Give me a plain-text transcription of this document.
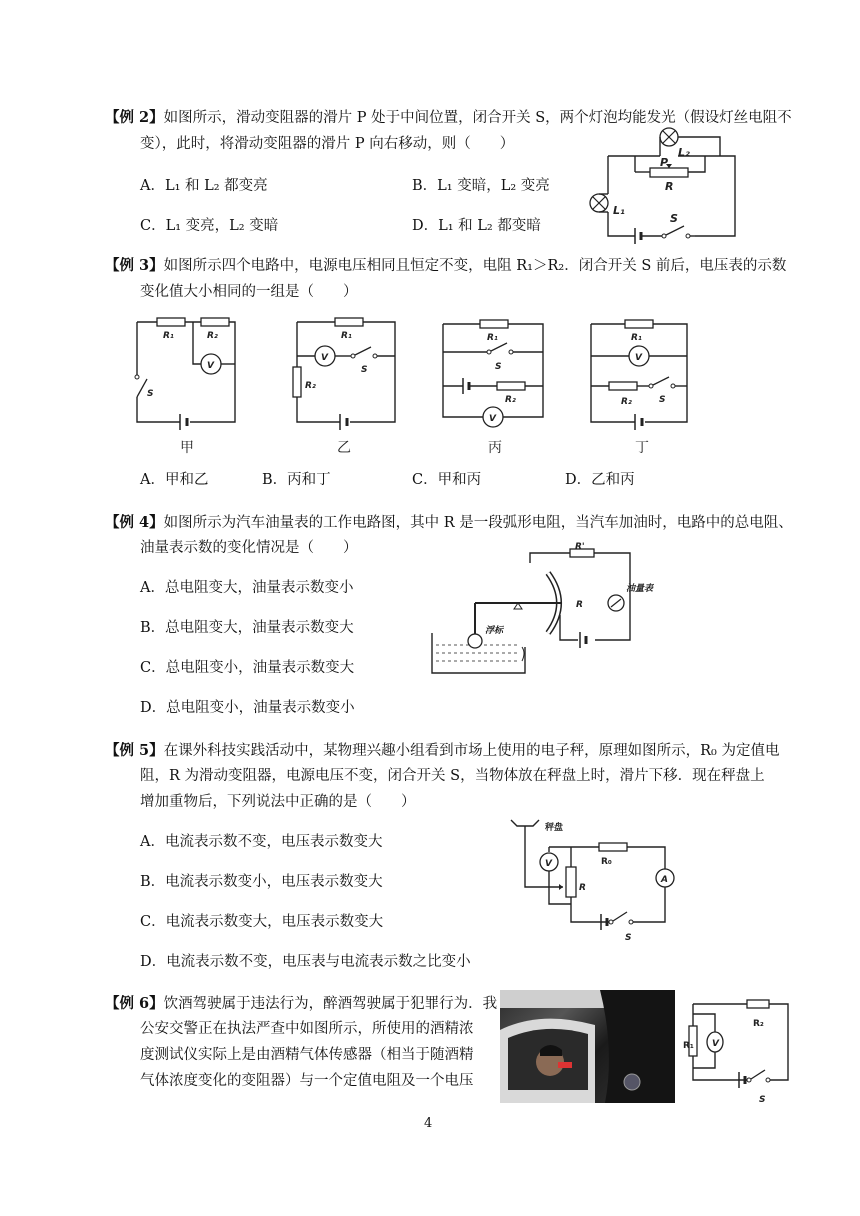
【例 2】如图所示，滑动变阻器的滑片 P 处于中间位置，闭合开关 S，两个灯泡均能发光（假设灯丝电阻不
变），此时，将滑动变阻器的滑片 P 向右移动，则（　　）
A．L₁ 和 L₂ 都变亮	B．L₁ 变暗，L₂ 变亮
C．L₁ 变亮，L₂ 变暗	D．L₁ 和 L₂ 都变暗
L₂
P
R
L₁
S
【例 3】如图所示四个电路中，电源电压相同且恒定不变，电阻 R₁＞R₂．闭合开关 S 前后，电压表的示数
变化值大小相同的一组是（　　）
R₁	R₂
V
S
甲
R₁
R₂
V
S
乙
R₁
S
R₂
V
丙
R₁
V
R₂	S
丁
A．甲和乙	B．丙和丁	C．甲和丙	D．乙和丙
【例 4】如图所示为汽车油量表的工作电路图，其中 R 是一段弧形电阻，当汽车加油时，电路中的总电阻、
油量表示数的变化情况是（　　）
A．总电阻变大，油量表示数变小
B．总电阻变大，油量表示数变大
C．总电阻变小，油量表示数变大
D．总电阻变小，油量表示数变小
R'
R
油量表
浮标
【例 5】在课外科技实践活动中，某物理兴趣小组看到市场上使用的电子秤，原理如图所示，R₀ 为定值电
阻，R 为滑动变阻器，电源电压不变，闭合开关 S，当物体放在秤盘上时，滑片下移．现在秤盘上
增加重物后，下列说法中正确的是（　　）
A．电流表示数不变，电压表示数变大
B．电流表示数变小，电压表示数变大
C．电流表示数变大，电压表示数变大
D．电流表示数不变，电压表与电流表示数之比变小
秤盘
R
R₀
V
A
S
【例 6】饮酒驾驶属于违法行为，醉酒驾驶属于犯罪行为．我
公安交警正在执法严查中如图所示，所使用的酒精浓
度测试仪实际上是由酒精气体传感器（相当于随酒精
气体浓度变化的变阻器）与一个定值电阻及一个电压
R₁
R₂
V
S
4
